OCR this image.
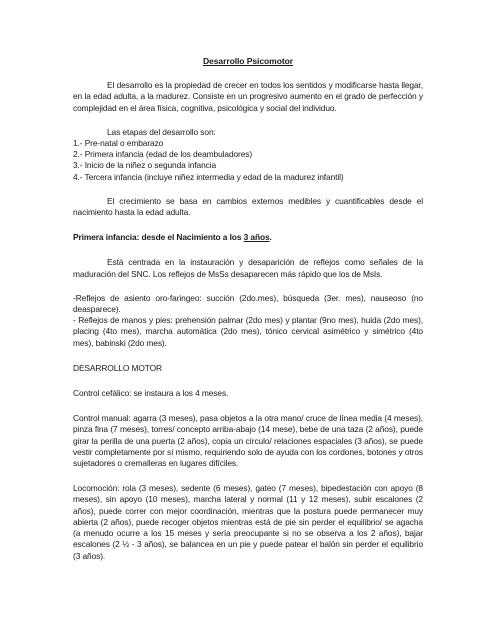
Desarrollo Psicomotor

El desarrollo es la propiedad de crecer en todos los sentidos y modificarse hasta llegar, en la edad adulta, a la madurez. Consiste en un progresivo aumento en el grado de perfección y complejidad en el área física, cognitiva, psicológica y social del individuo.

Las etapas del desarrollo son:

1.- Pre-natal o embarazo
2.- Primera infancia (edad de los deambuladores)
3.- Inicio de la niñez o segunda infancia
4.- Tercera infancia (incluye niñez intermedia y edad de la madurez infantil)

El crecimiento se basa en cambios externos medibles y cuantificables desde el nacimiento hasta la edad adulta.

Primera infancia: desde el Nacimiento a los 3 años.

Está centrada en la instauración y desaparición de reflejos como señales de la maduración del SNC. Los reflejos de MsSs desaparecen más rápido que los de MsIs.

-Reflejos de asiento oro-faringeo: succión (2do.mes), búsqueda (3er. mes), nauseoso (no deasparece).

- Reflejos de manos y pies: prehensión palmar (2do mes) y plantar (9no mes), huida (2do mes), placing (4to mes), marcha automática (2do mes), tónico cervical asimétrico y simétrico (4to mes), babinski (2do mes).

DESARROLLO MOTOR

Control cefálico: se instaura a los 4 meses.

Control manual: agarra (3 meses), pasa objetos a la otra mano/ cruce de línea media (4 meses), pinza fina (7 meses), torres/ concepto arriba-abajo (14 mese), bebe de una taza (2 años), puede girar la perilla de una puerta (2 años), copia un círculo/ relaciones espaciales (3 años), se puede vestir completamente por sí mismo, requiriendo solo de ayuda con los cordones, botones y otros sujetadores o cremalleras en lugares difíciles.

Locomoción: rola (3 meses), sedente (6 meses), gateo (7 meses), bipedestación con apoyo (8 meses), sin apoyo (10 meses), marcha lateral y normal (11 y 12 meses), subir escalones (2 años), puede correr con mejor coordinación, mientras que la postura puede permanecer muy abierta (2 años), puede recoger objetos mientras está de pie sin perder el equilibrio/ se agacha (a menudo ocurre a los 15 meses y sería preocupante si no se observa a los 2 años), bajar escalones (2 ½ - 3 años), se balancea en un pie y puede patear el balón sin perder el equilibrio (3 años).
